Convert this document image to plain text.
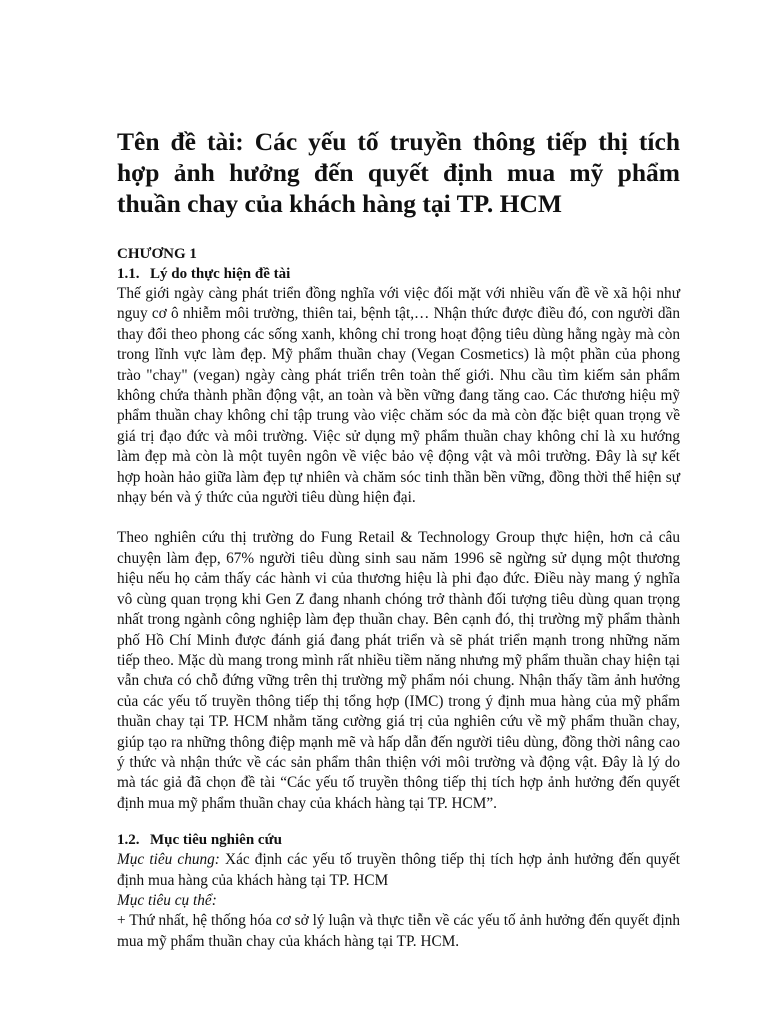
Tên đề tài: Các yếu tố truyền thông tiếp thị tích hợp ảnh hưởng đến quyết định mua mỹ phẩm thuần chay của khách hàng tại TP. HCM

CHƯƠNG 1

1.1. Lý do thực hiện đề tài

Thế giới ngày càng phát triển đồng nghĩa với việc đối mặt với nhiều vấn đề về xã hội như nguy cơ ô nhiễm môi trường, thiên tai, bệnh tật,… Nhận thức được điều đó, con người dần thay đổi theo phong các sống xanh, không chỉ trong hoạt động tiêu dùng hằng ngày mà còn trong lĩnh vực làm đẹp. Mỹ phẩm thuần chay (Vegan Cosmetics) là một phần của phong trào "chay" (vegan) ngày càng phát triển trên toàn thế giới. Nhu cầu tìm kiếm sản phẩm không chứa thành phần động vật, an toàn và bền vững đang tăng cao. Các thương hiệu mỹ phẩm thuần chay không chỉ tập trung vào việc chăm sóc da mà còn đặc biệt quan trọng về giá trị đạo đức và môi trường. Việc sử dụng mỹ phẩm thuần chay không chỉ là xu hướng làm đẹp mà còn là một tuyên ngôn về việc bảo vệ động vật và môi trường. Đây là sự kết hợp hoàn hảo giữa làm đẹp tự nhiên và chăm sóc tinh thần bền vững, đồng thời thể hiện sự nhạy bén và ý thức của người tiêu dùng hiện đại.

Theo nghiên cứu thị trường do Fung Retail & Technology Group thực hiện, hơn cả câu chuyện làm đẹp, 67% người tiêu dùng sinh sau năm 1996 sẽ ngừng sử dụng một thương hiệu nếu họ cảm thấy các hành vi của thương hiệu là phi đạo đức. Điều này mang ý nghĩa vô cùng quan trọng khi Gen Z đang nhanh chóng trở thành đối tượng tiêu dùng quan trọng nhất trong ngành công nghiệp làm đẹp thuần chay. Bên cạnh đó, thị trường mỹ phẩm thành phố Hồ Chí Minh được đánh giá đang phát triển và sẽ phát triển mạnh trong những năm tiếp theo. Mặc dù mang trong mình rất nhiều tiềm năng nhưng mỹ phẩm thuần chay hiện tại vẫn chưa có chỗ đứng vững trên thị trường mỹ phẩm nói chung. Nhận thấy tầm ảnh hưởng của các yếu tố truyền thông tiếp thị tổng hợp (IMC) trong ý định mua hàng của mỹ phẩm thuần chay tại TP. HCM nhằm tăng cường giá trị của nghiên cứu về mỹ phẩm thuần chay, giúp tạo ra những thông điệp mạnh mẽ và hấp dẫn đến người tiêu dùng, đồng thời nâng cao ý thức và nhận thức về các sản phẩm thân thiện với môi trường và động vật. Đây là lý do mà tác giả đã chọn đề tài “Các yếu tố truyền thông tiếp thị tích hợp ảnh hưởng đến quyết định mua mỹ phẩm thuần chay của khách hàng tại TP. HCM”.

1.2. Mục tiêu nghiên cứu

Mục tiêu chung: Xác định các yếu tố truyền thông tiếp thị tích hợp ảnh hưởng đến quyết định mua hàng của khách hàng tại TP. HCM

Mục tiêu cụ thể:

+ Thứ nhất, hệ thống hóa cơ sở lý luận và thực tiễn về các yếu tố ảnh hưởng đến quyết định mua mỹ phẩm thuần chay của khách hàng tại TP. HCM.
